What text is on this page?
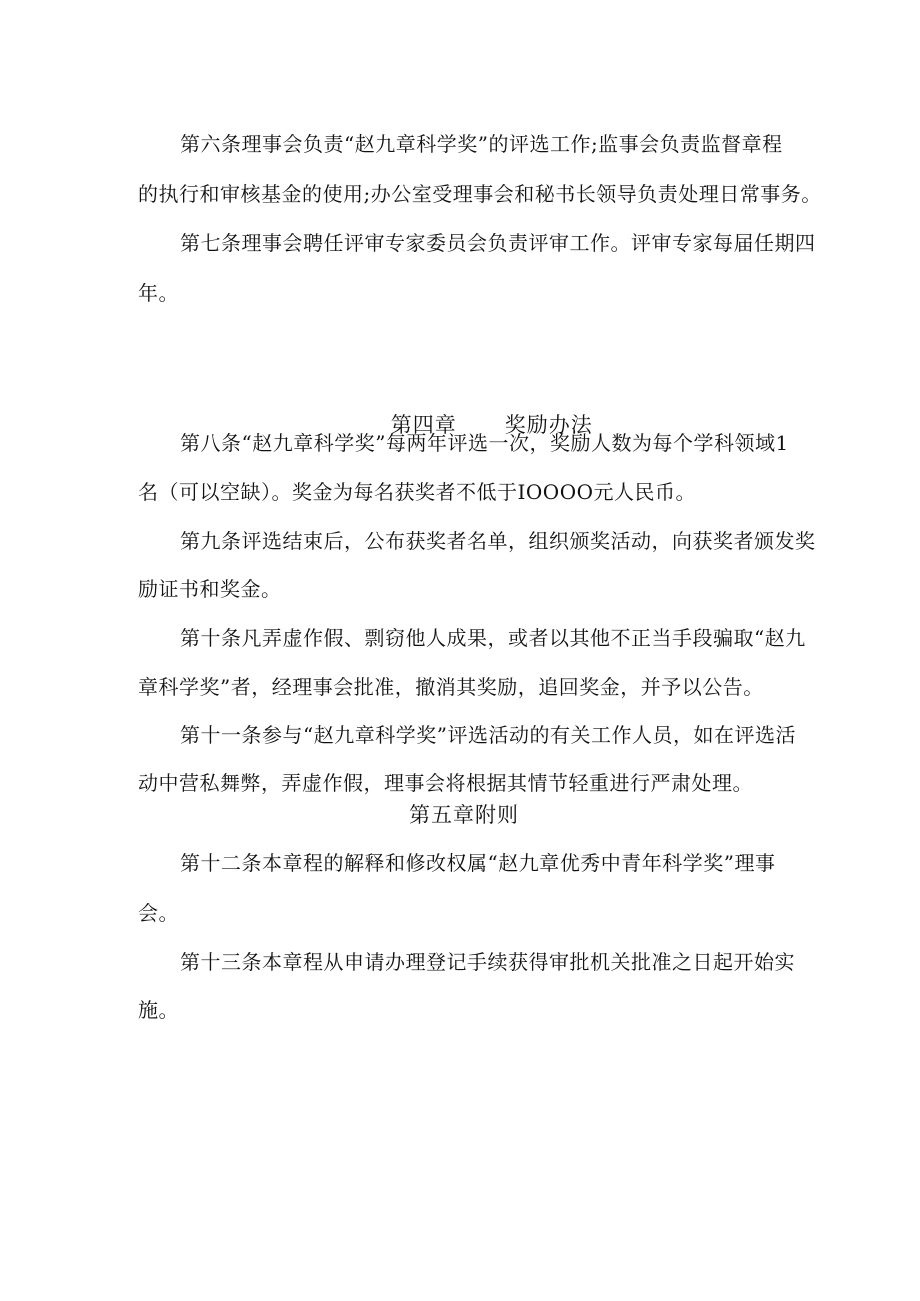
第六条理事会负责“赵九章科学奖”的评选工作;监事会负责监督章程
的执行和审核基金的使用;办公室受理事会和秘书长领导负责处理日常事务。
第七条理事会聘任评审专家委员会负责评审工作。评审专家每届任期四
年。

第四章 奖励办法

第八条“赵九章科学奖”每两年评选一次，奖励人数为每个学科领域1
名（可以空缺）。奖金为每名获奖者不低于IOOOO元人民币。
第九条评选结束后，公布获奖者名单，组织颁奖活动，向获奖者颁发奖
励证书和奖金。
第十条凡弄虚作假、剽窃他人成果，或者以其他不正当手段骗取“赵九
章科学奖”者，经理事会批准，撤消其奖励，追回奖金，并予以公告。
第十一条参与“赵九章科学奖”评选活动的有关工作人员，如在评选活
动中营私舞弊，弄虚作假，理事会将根据其情节轻重进行严肃处理。
第五章附则
第十二条本章程的解释和修改权属“赵九章优秀中青年科学奖”理事
会。
第十三条本章程从申请办理登记手续获得审批机关批准之日起开始实
施。
